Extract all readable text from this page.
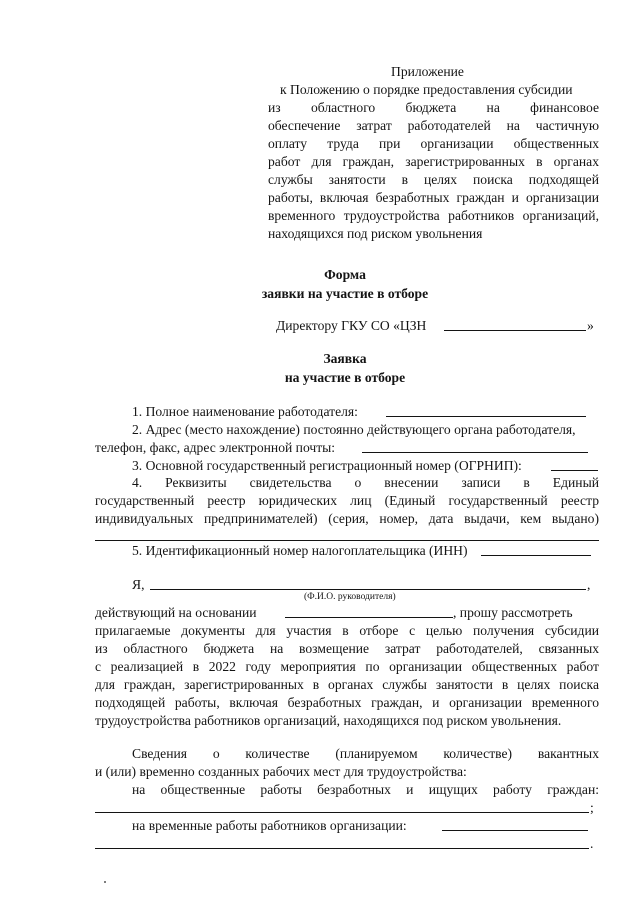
Приложение
к Положению о порядке предоставления субсидии
из областного бюджета на финансовое
обеспечение затрат работодателей на частичную
оплату труда при организации общественных
работ для граждан, зарегистрированных в органах
службы занятости в целях поиска подходящей
работы, включая безработных граждан и организации
временного трудоустройства работников организаций,
находящихся под риском увольнения
Форма
заявки на участие в отборе
Директору ГКУ СО «ЦЗН	»
Заявка
на участие в отборе
1. Полное наименование работодателя:
2. Адрес (место нахождение) постоянно действующего органа работодателя,
телефон, факс, адрес электронной почты:
3. Основной государственный регистрационный номер (ОГРНИП):
4. Реквизиты свидетельства о внесении записи в Единый
государственный реестр юридических лиц (Единый государственный реестр
индивидуальных предпринимателей) (серия, номер, дата выдачи, кем выдано)
5. Идентификационный номер налогоплательщика (ИНН)
Я,	,
(Ф.И.О. руководителя)
действующий на основании	, прошу рассмотреть
прилагаемые документы для участия в отборе с целью получения субсидии
из областного бюджета на возмещение затрат работодателей, связанных
с реализацией в 2022 году мероприятия по организации общественных работ
для граждан, зарегистрированных в органах службы занятости в целях поиска
подходящей работы, включая безработных граждан, и организации временного
трудоустройства работников организаций, находящихся под риском увольнения.
Сведения о количестве (планируемом количестве) вакантных
и (или) временно созданных рабочих мест для трудоустройства:
на общественные работы безработных и ищущих работу граждан:
;
на временные работы работников организации:
.
